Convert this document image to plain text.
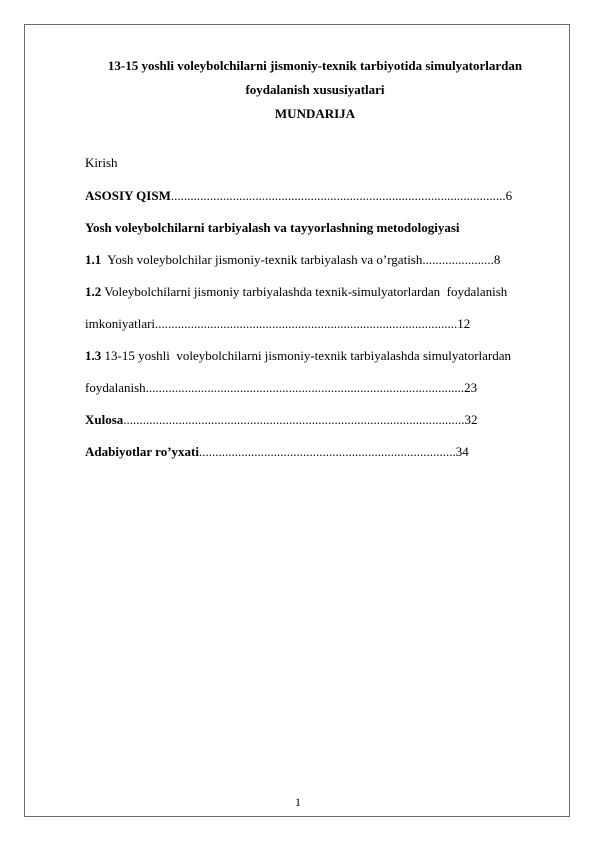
13-15 yoshli voleybolchilarni jismoniy-texnik tarbiyotida simulyatorlardan
foydalanish xususiyatlari
MUNDARIJA
Kirish
ASOSIY QISM.......................................................................................................6
Yosh voleybolchilarni tarbiyalash va tayyorlashning metodologiyasi
1.1  Yosh voleybolchilar jismoniy-texnik tarbiyalash va o’rgatish......................8
1.2 Voleybolchilarni jismoniy tarbiyalashda texnik-simulyatorlardan  foydalanish
imkoniyatlari.............................................................................................12
1.3 13-15 yoshli  voleybolchilarni jismoniy-texnik tarbiyalashda simulyatorlardan
foydalanish..................................................................................................23
Xulosa.........................................................................................................32
Adabiyotlar ro’yxati...............................................................................34
1
